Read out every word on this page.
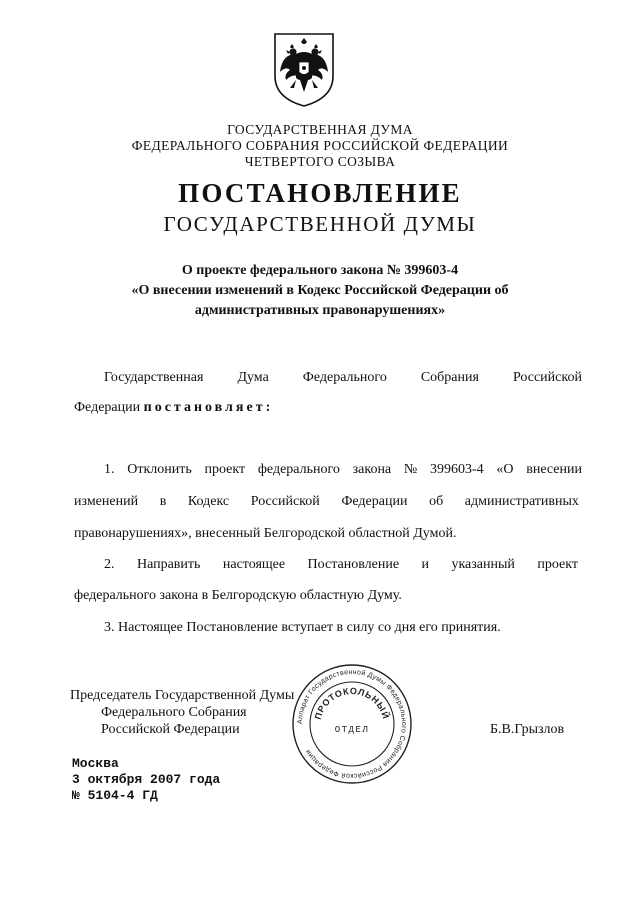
ГОСУДАРСТВЕННАЯ ДУМА
ФЕДЕРАЛЬНОГО СОБРАНИЯ РОССИЙСКОЙ ФЕДЕРАЦИИ
ЧЕТВЕРТОГО СОЗЫВА
ПОСТАНОВЛЕНИЕ
ГОСУДАРСТВЕННОЙ ДУМЫ
О проекте федерального закона № 399603-4
«О внесении изменений в Кодекс Российской Федерации об
административных правонарушениях»
Государственная Дума Федерального Собрания Российской
Федерации постановляет:
1. Отклонить проект федерального закона № 399603-4 «О внесении
изменений в Кодекс Российской Федерации об административных
правонарушениях», внесенный Белгородской областной Думой.
2. Направить настоящее Постановление и указанный проект
федерального закона в Белгородскую областную Думу.
3. Настоящее Постановление вступает в силу со дня его принятия.
Председатель Государственной Думы
Федерального Собрания
Российской Федерации	Б.В.Грызлов
Аппарат Государственной Думы Федерального Собрания Российской Федерации
ПРОТОКОЛЬНЫЙ
ОТДЕЛ
Москва
3 октября 2007 года
№ 5104-4 ГД
